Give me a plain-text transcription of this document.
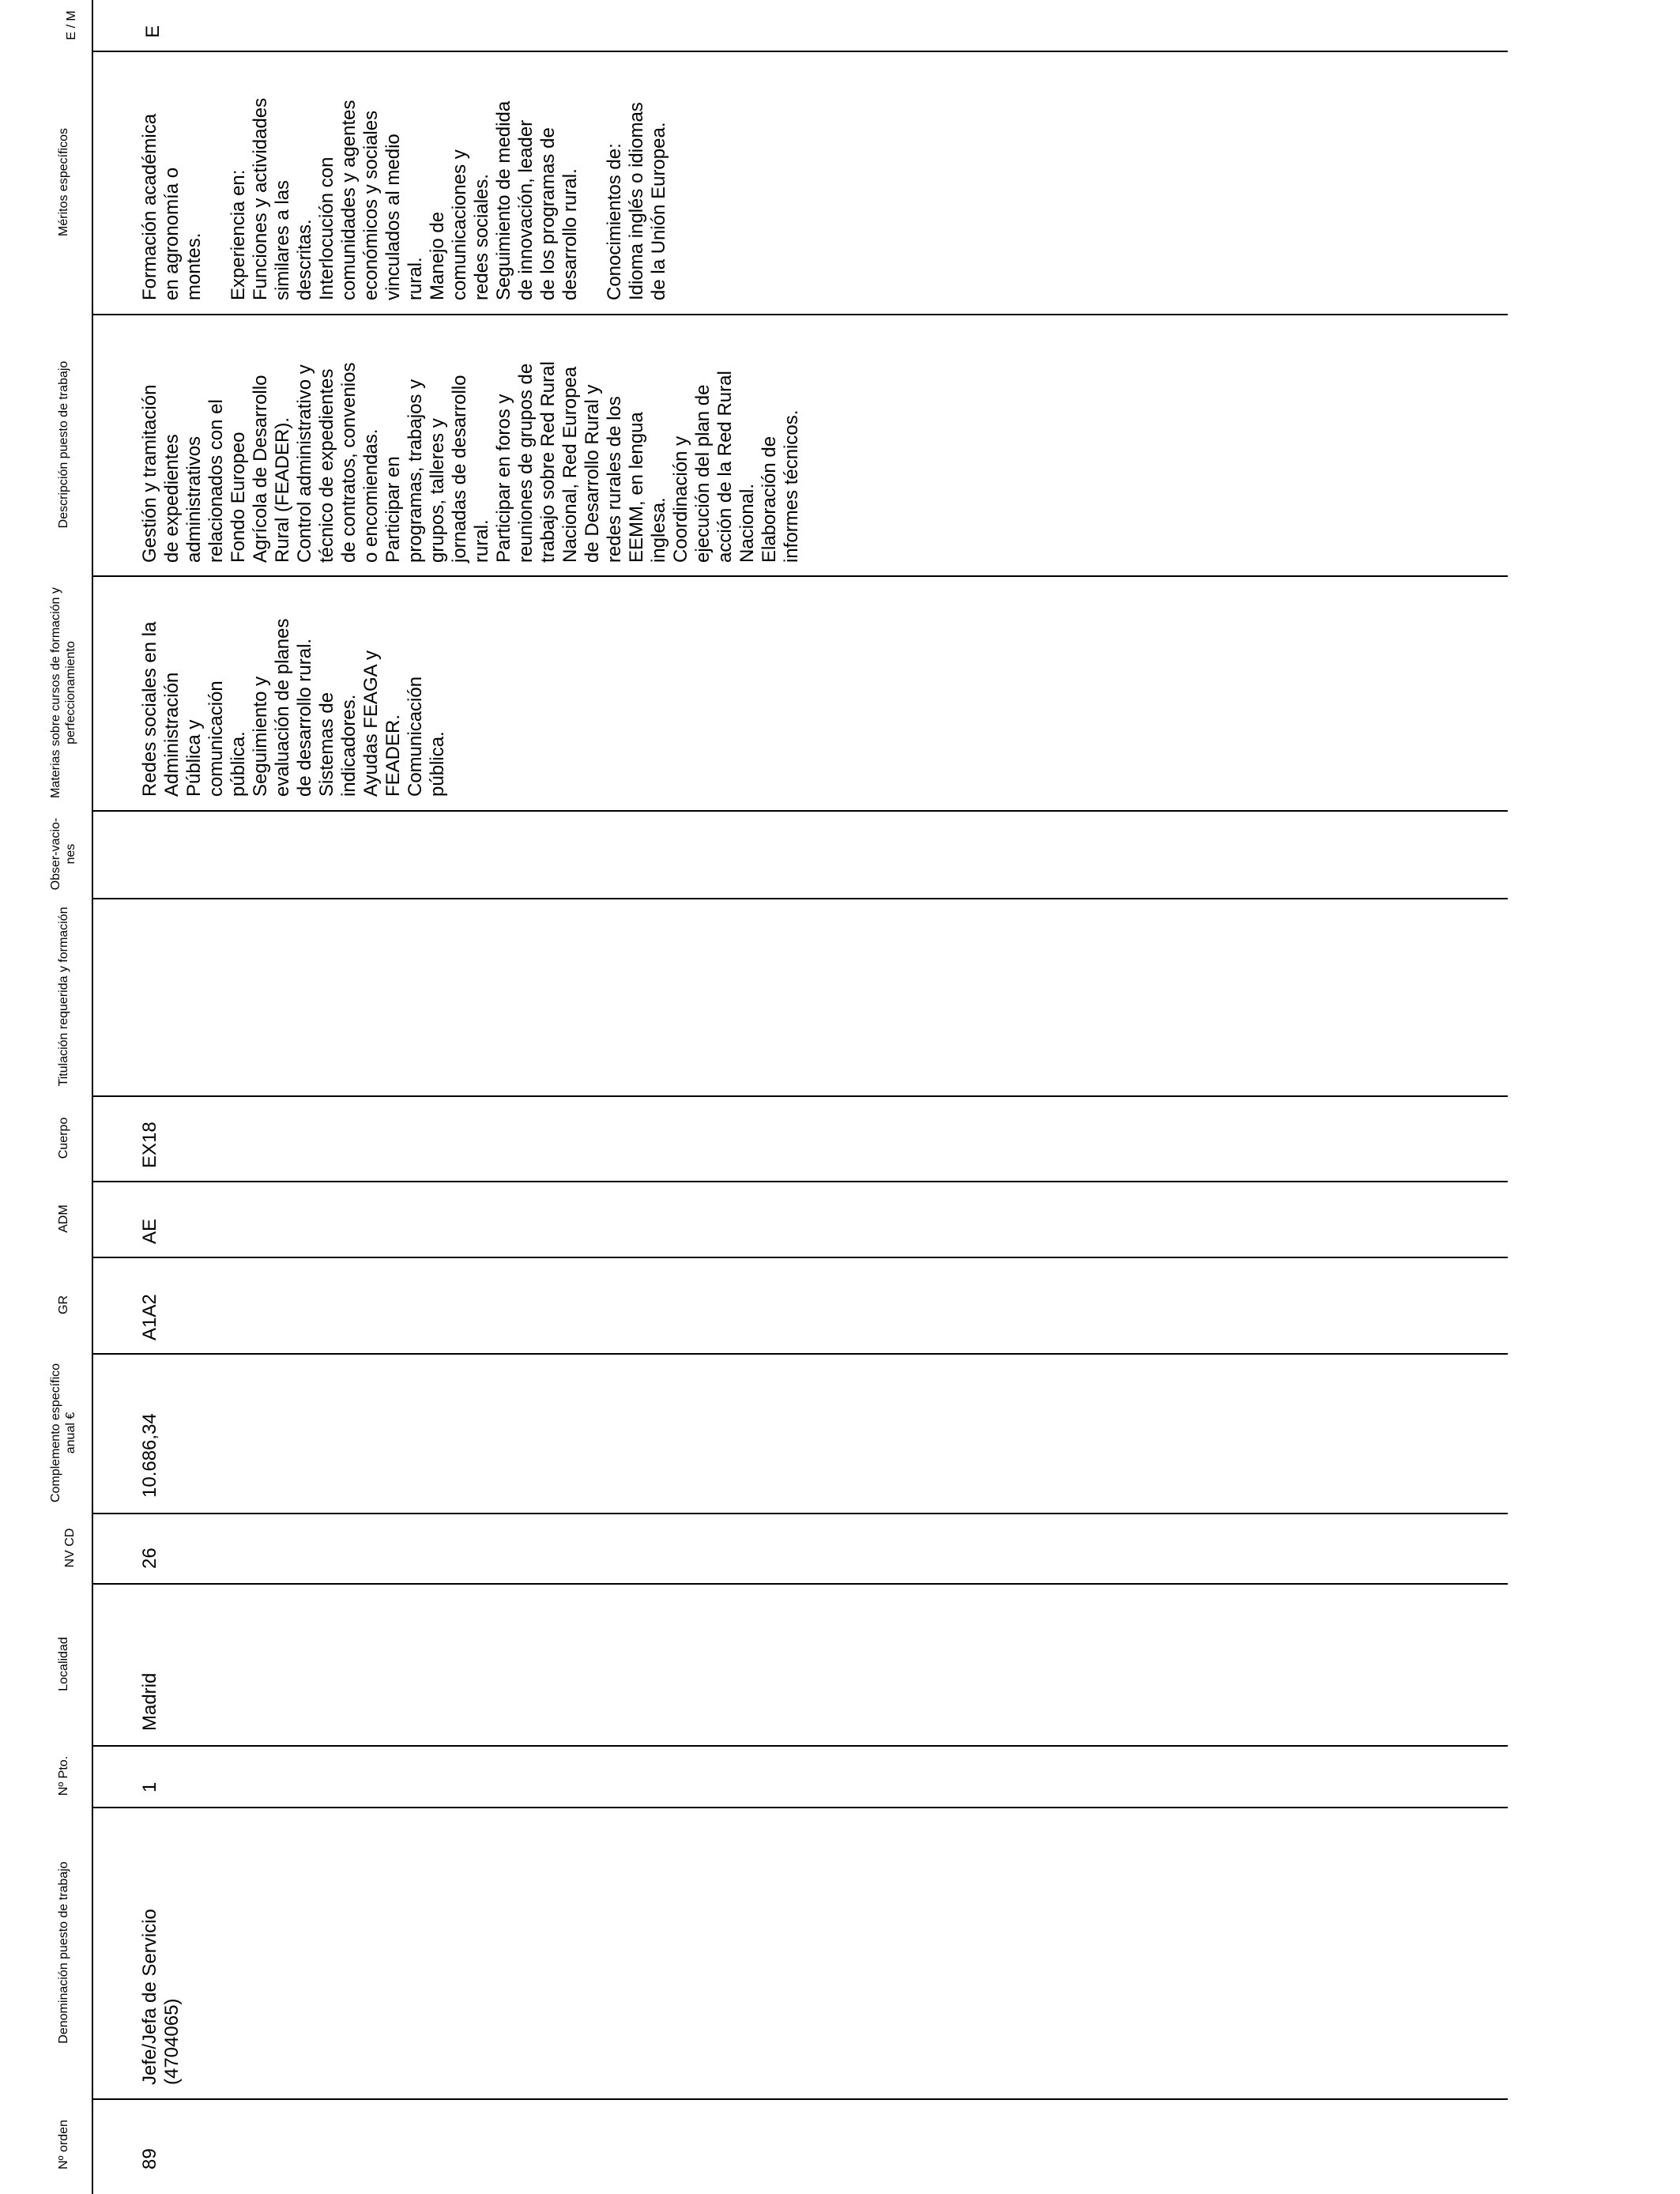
E / M
Méritos específicos
Descripción puesto de trabajo
Materias sobre cursos de formación y perfeccionamiento
Obser-vacio-nes
Titulación requerida y formación
Cuerpo
ADM
GR
Complemento específico anual €
NV CD
Localidad
Nº Pto.
Denominación puesto de trabajo
Nº orden
E
Formación académica
en agronomía o
montes.

Experiencia en:
Funciones y actividades
similares a las
descritas.
Interlocución con
comunidades y agentes
económicos y sociales
vinculados al medio
rural.
Manejo de
comunicaciones y
redes sociales.
Seguimiento de medida
de innovación, leader
de los programas de
desarrollo rural.

Conocimientos de:
Idioma inglés o idiomas
de la Unión Europea.
Gestión y tramitación
de expedientes
administrativos
relacionados con el
Fondo Europeo
Agrícola de Desarrollo
Rural (FEADER).
Control administrativo y
técnico de expedientes
de contratos, convenios
o encomiendas.
Participar en
programas, trabajos y
grupos, talleres y
jornadas de desarrollo
rural.
Participar en foros y
reuniones de grupos de
trabajo sobre Red Rural
Nacional, Red Europea
de Desarrollo Rural y
redes rurales de los
EEMM, en lengua
inglesa.
Coordinación y
ejecución del plan de
acción de la Red Rural
Nacional.
Elaboración de
informes técnicos.
Redes sociales en la
Administración
Pública y
comunicación
pública.
Seguimiento y
evaluación de planes
de desarrollo rural.
Sistemas de
indicadores.
Ayudas FEAGA y
FEADER.
Comunicación
pública.
EX18
AE
A1A2
10.686,34
26
Madrid
1
Jefe/Jefa de Servicio
(4704065)
89
